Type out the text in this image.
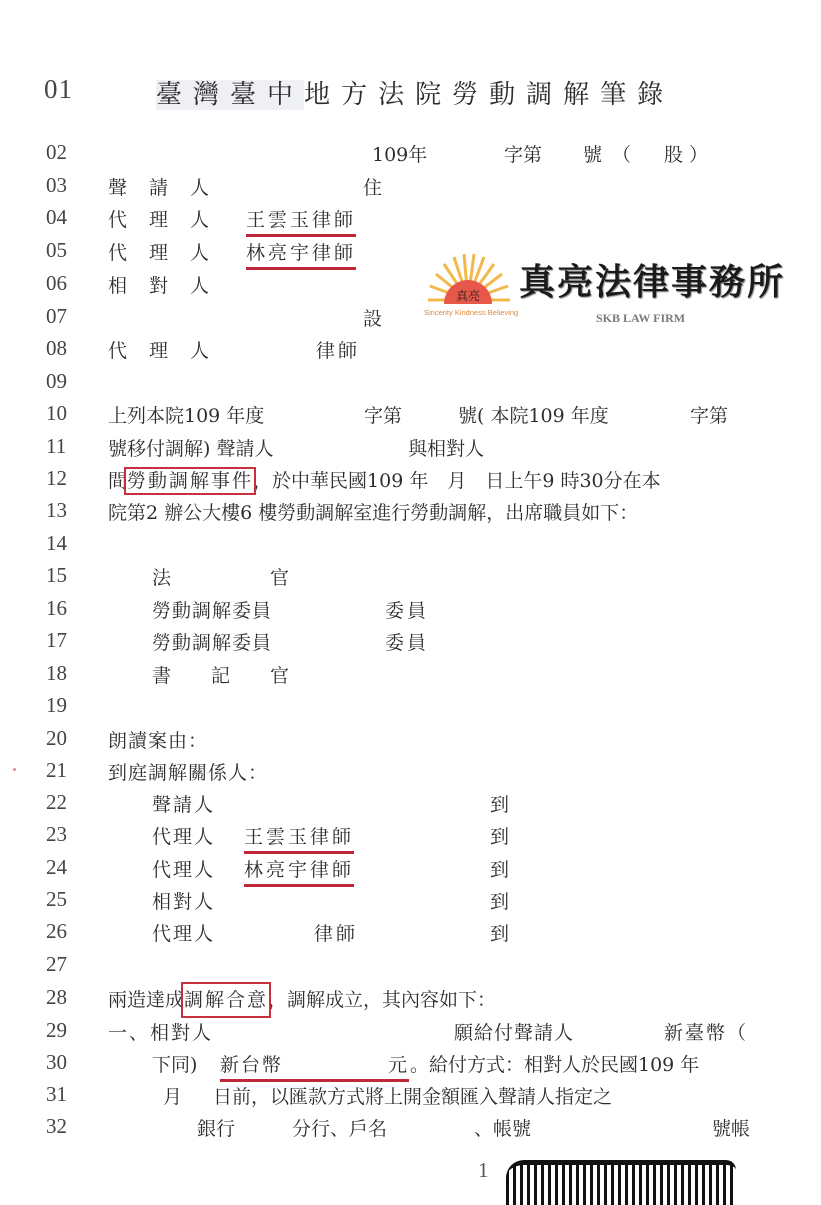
01	臺灣臺中地方法院勞動調解筆錄
02	109年	字第 號（ 股）
03 聲請人	住
04 代理人 王雲玉律師
05 代理人 林亮宇律師
06 相對人
07	設
08 代理人	律師
09
10 上列本院109 年度	字第	號( 本院109 年度	字第
11 號移付調解) 聲請人	與相對人
12 間勞動調解事件，於中華民國109 年　月　日上午9 時30分在本
13 院第2 辦公大樓6 樓勞動調解室進行勞動調解，出席職員如下：
14
15	法	官
16	勞動調解委員	委員
17	勞動調解委員	委員
18	書 記 官
19
20 朗讀案由：
21 到庭調解關係人：
22	聲請人	到
23	代理人 王雲玉律師	到
24	代理人 林亮宇律師	到
25	相對人	到
26	代理人	律師	到
27
28 兩造達成調解合意，調解成立，其內容如下：
29 一、相對人	願給付聲請人	新臺幣（
30	下同) 新台幣　　　　　元 。給付方式：相對人於民國109 年
31	月 日前，以匯款方式將上開金額匯入聲請人指定之
32	銀行	分行、戶名	、帳號	號帳
真亮
Sincerity Kindness Believing
真亮法律事務所
SKB LAW FIRM
1
